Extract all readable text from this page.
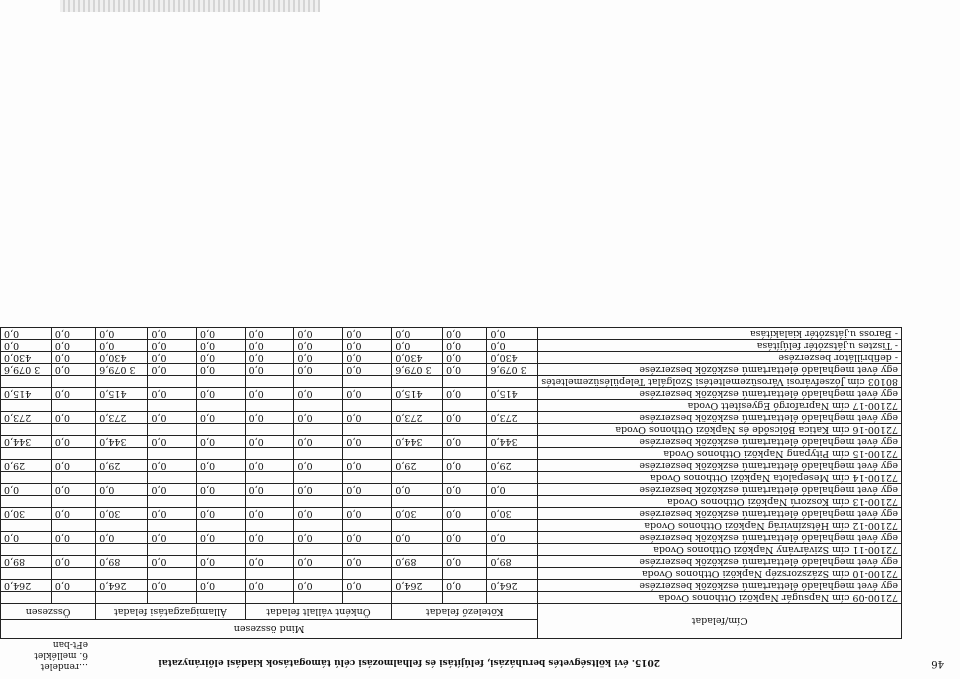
2015. évi költségvetés beruházási, felújítási és felhalmozási célú támogatások kiadási előirányzatai
…rendelet
6. melléklet
eFt-ban
Cím/feladat	Mind összesen										
	Kötelező feladat			Önként vállalt feladat			Államigazgatási feladat			Összesen	
72100-09 cím Napsugár Napközi Otthonos Óvoda											
egy évet meghaladó élettartamú eszközök beszerzése	264,0	0,0	264,0	0,0	0,0	0,0	0,0	0,0	264,0	0,0	264,0
72100-10 cím Százszorszép Napközi Otthonos Óvoda											
egy évet meghaladó élettartamú eszközök beszerzése	89,0	0,0	89,0	0,0	0,0	0,0	0,0	0,0	89,0	0,0	89,0
72100-11 cím Szivárvány Napközi Otthonos Óvoda											
egy évet meghaladó élettartamú eszközök beszerzése	0,0	0,0	0,0	0,0	0,0	0,0	0,0	0,0	0,0	0,0	0,0
72100-12 cím Hétszínvirág Napközi Otthonos Óvoda											
egy évet meghaladó élettartamú eszközök beszerzése	30,0	0,0	30,0	0,0	0,0	0,0	0,0	0,0	30,0	0,0	30,0
72100-13 cím Koszorú Napközi Otthonos Óvoda											
egy évet meghaladó élettartamú eszközök beszerzése	0,0	0,0	0,0	0,0	0,0	0,0	0,0	0,0	0,0	0,0	0,0
72100-14 cím Mesepalota Napközi Otthonos Óvoda											
egy évet meghaladó élettartamú eszközök beszerzése	29,0	0,0	29,0	0,0	0,0	0,0	0,0	0,0	29,0	0,0	29,0
72100-15 cím Pitypang Napközi Otthonos Óvoda											
egy évet meghaladó élettartamú eszközök beszerzése	344,0	0,0	344,0	0,0	0,0	0,0	0,0	0,0	344,0	0,0	344,0
72100-16 cím Katica Bölcsőde és Napközi Otthonos Óvoda											
egy évet meghaladó élettartamú eszközök beszerzése	273,0	0,0	273,0	0,0	0,0	0,0	0,0	0,0	273,0	0,0	273,0
72100-17 cím Napraforgó Egyesített Óvoda											
egy évet meghaladó élettartamú eszközök beszerzése	415,0	0,0	415,0	0,0	0,0	0,0	0,0	0,0	415,0	0,0	415,0
80103 cím Józsefvárosi Városüzemeltetési Szolgálat Településüzemeltetés											
egy évet meghaladó élettartamú eszközök beszerzése	3 079,6	0,0	3 079,6	0,0	0,0	0,0	0,0	0,0	3 079,6	0,0	3 079,6
- defibrillátor beszerzése	430,0	0,0	430,0	0,0	0,0	0,0	0,0	0,0	430,0	0,0	430,0
- Tisztes u.játszótér felújítása	0,0	0,0	0,0	0,0	0,0	0,0	0,0	0,0	0,0	0,0	0,0
- Baross u.játszótér kialakítása	0,0	0,0	0,0	0,0	0,0	0,0	0,0	0,0	0,0	0,0	0,0
46
